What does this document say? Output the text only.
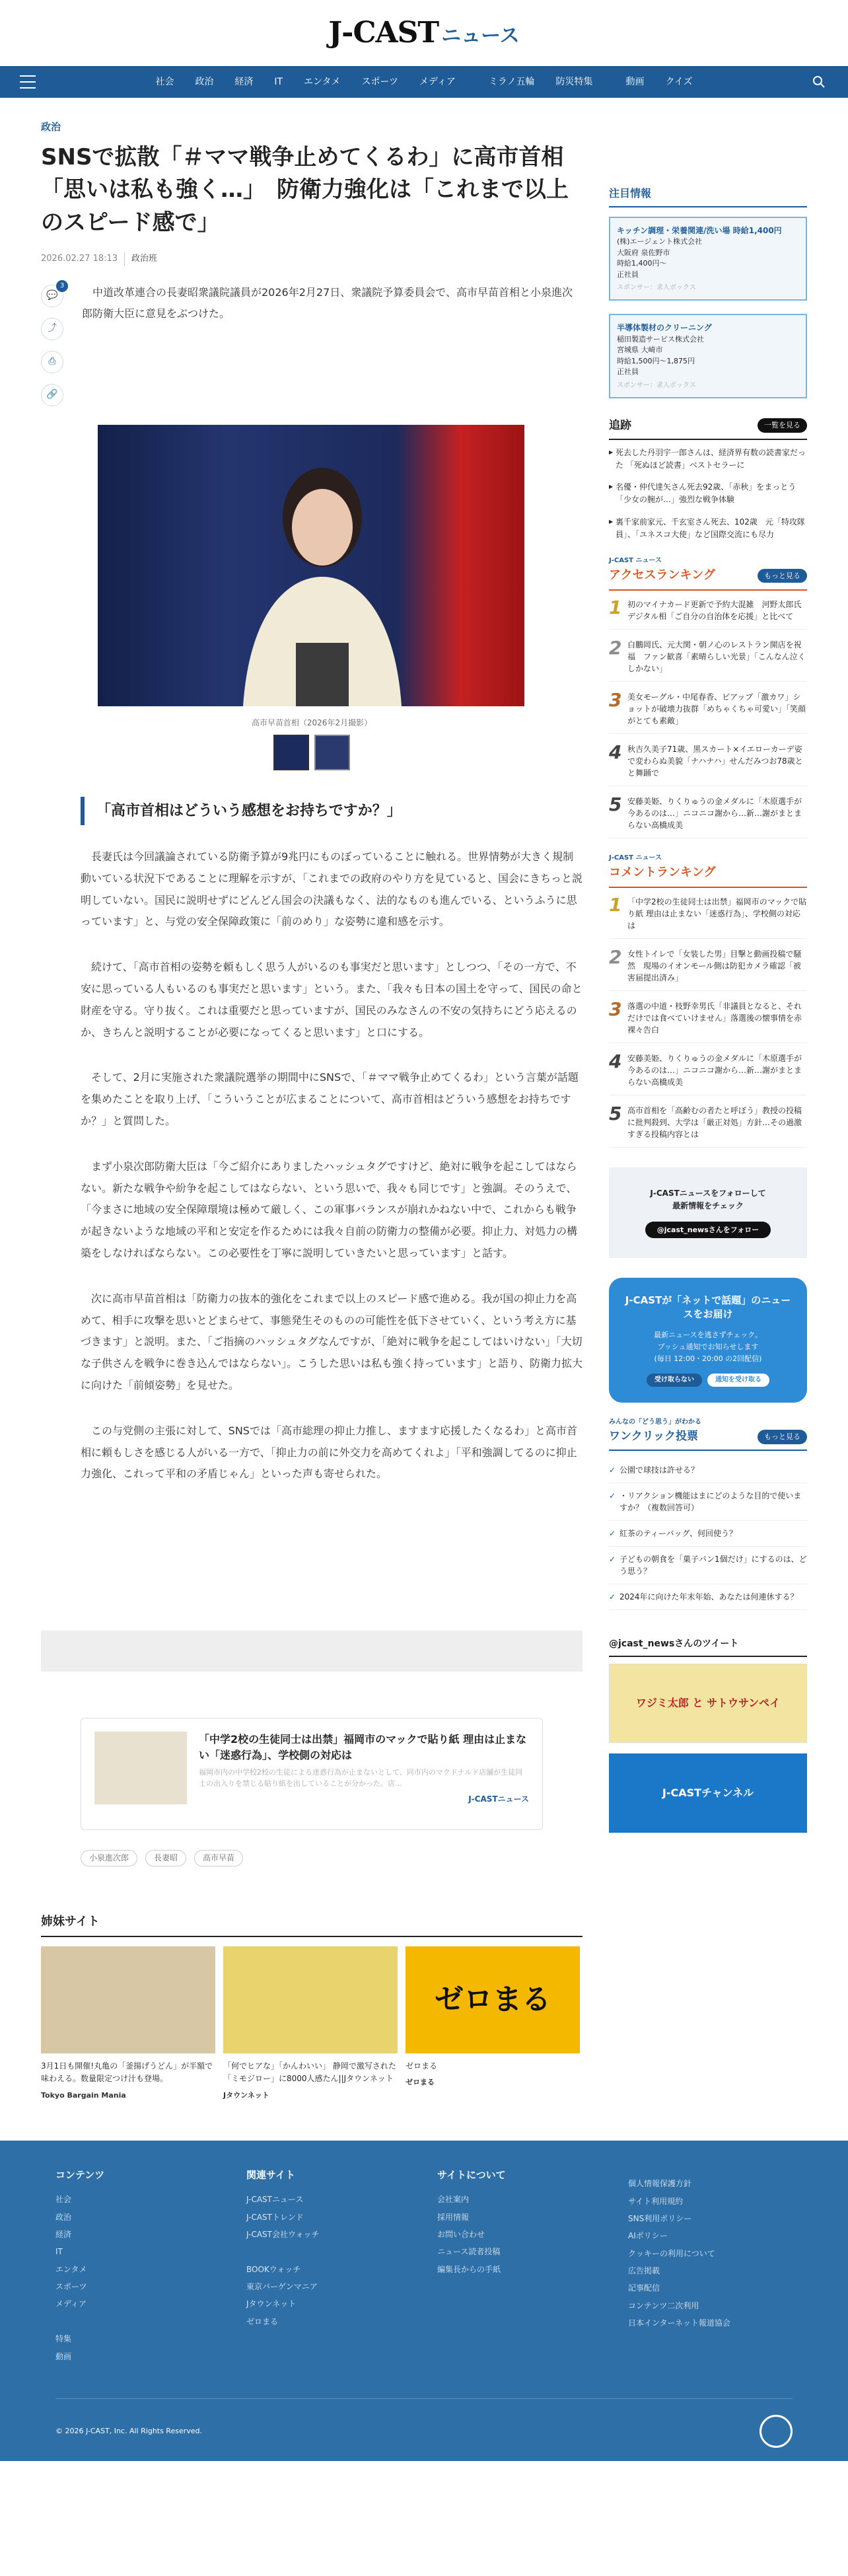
J-CAST ニュース
社会 政治 経済 IT エンタメ スポーツ メディア	ミラノ五輪 防災特集	動画 クイズ
政治
SNSで拡散「＃ママ戦争止めてくるわ」に高市首相「思いは私も強く…」　防衛力強化は「これまで以上のスピード感で」
2026.02.27 18:13	政治班
💬
3
⤴
⎙
🔗

中道改革連合の長妻昭衆議院議員が2026年2月27日、衆議院予算委員会で、高市早苗首相と小泉進次郎防衛大臣に意見をぶつけた。

高市早苗首相（2026年2月撮影）
「高市首相はどういう感想をお持ちですか？」

長妻氏は今回議論されている防衛予算が9兆円にものぼっていることに触れる。世界情勢が大きく規制動いている状況下であることに理解を示すが、「これまでの政府のやり方を見ていると、国会にきちっと説明していない。国民に説明せずにどんどん国会の決議もなく、法的なものも進んでいる、というふうに思っています」と、与党の安全保障政策に「前のめり」な姿勢に違和感を示す。

続けて、「高市首相の姿勢を頼もしく思う人がいるのも事実だと思います」としつつ、「その一方で、不安に思っている人もいるのも事実だと思います」という。また、「我々も日本の国土を守って、国民の命と財産を守る。守り抜く。これは重要だと思っていますが、国民のみなさんの不安の気持ちにどう応えるのか、きちんと説明することが必要になってくると思います」と口にする。

そして、2月に実施された衆議院選挙の期間中にSNSで、「＃ママ戦争止めてくるわ」という言葉が話題を集めたことを取り上げ、「こういうことが広まることについて、高市首相はどういう感想をお持ちですか？」と質問した。

まず小泉次郎防衛大臣は「今ご紹介にありましたハッシュタグですけど、絶対に戦争を起こしてはならない。新たな戦争や紛争を起こしてはならない、という思いで、我々も同じです」と強調。そのうえで、「今まさに地域の安全保障環境は極めて厳しく、この軍事バランスが崩れかねない中で、これからも戦争が起きないような地域の平和と安定を作るためには我々自前の防衛力の整備が必要。抑止力、対処力の構築をしなければならない。この必要性を丁寧に説明していきたいと思っています」と話す。

次に高市早苗首相は「防衛力の抜本的強化をこれまで以上のスピード感で進める。我が国の抑止力を高めて、相手に攻撃を思いとどまらせて、事態発生そのものの可能性を低下させていく、という考え方に基づきます」と説明。また、「ご指摘のハッシュタグなんですが、「絶対に戦争を起こしてはいけない」「大切な子供さんを戦争に巻き込んではならない」。こうした思いは私も強く持っています」と語り、防衛力拡大に向けた「前傾姿勢」を見せた。

この与党側の主張に対して、SNSでは「高市総理の抑止力推し、ますます応援したくなるわ」と高市首相に頼もしさを感じる人がいる一方で、「抑止力の前に外交力を高めてくれよ」「平和強調してるのに抑止力強化、これって平和の矛盾じゃん」といった声も寄せられた。

「中学2校の生徒同士は出禁」福岡市のマックで貼り紙 理由は止まない「迷惑行為」、学校側の対応は
福岡市内の中学校2校の生徒による迷惑行為が止まないとして、同市内のマクドナルド店舗が生徒同士の出入りを禁じる貼り紙を出していることが分かった。店...
J-CASTニュース
小泉進次郎	長妻昭	高市早苗
姉妹サイト

3月1日も開催!丸亀の「釜揚げうどん」が半額で味わえる。数量限定つけ汁も登場。

Tokyo Bargain Mania

「何でヒアな」「かんわいい」 静岡で激写された「ミモジロー」に8000人感たん||Jタウンネット

Jタウンネット
ゼロまる

ゼロまる

ゼロまる
注目情報
キッチン調理・栄養関連/洗い場 時給1,400円
(株)エージェント株式会社
大阪府 泉佐野市
時給1,400円～
正社員
スポンサー：求人ボックス
半導体製材のクリーニング
稲田製造サービス株式会社
宮城県 大崎市
時給1,500円～1,875円
正社員
スポンサー：求人ボックス
追跡	一覧を見る
▶ 死去した丹羽宇一郎さんは、経済界有数の読書家だった 「死ぬほど読書」ベストセラーに
▶ 名優・仲代達矢さん死去92歳、「赤秋」をまっとう 「少女の腕が…」強烈な戦争体験
▶ 裏千家前家元、千玄室さん死去、102歳　元「特攻隊員」、「ユネスコ大使」など国際交流にも尽力
J-CAST ニュース
アクセスランキング	もっと見る
1 初のマイナカード更新で予約大混雑　河野太郎氏デジタル相「ご自分の自治体を応援」と比べて
2 白鵬岡氏、元大関・朝ノ心のレストラン開店を祝福　ファン歓喜「素晴らしい光景」「こんなん泣くしかない」
3 美女モーグル・中尾春香、ピアップ「激カワ」ショットが破壊力抜群「めちゃくちゃ可愛い」「笑顔がとても素敵」
4 秋吉久美子71歳、黒スカート×イエローカーデ姿で変わらぬ美貌「ナハナハ」せんだみつお78歳とと舞踊で
5 安藤美姫、りくりゅうの金メダルに「木原選手が今あるのは…」ニコニコ謝から…新…謝がまとまらない高橋成美
J-CAST ニュース
コメントランキング
1 「中学2校の生徒同士は出禁」福岡市のマックで貼り紙 理由は止まない「迷惑行為」、学校側の対応は
2 女性トイレで「女装した男」目撃と動画投稿で騒然　現場のイオンモール側は防犯カメラ確認「被害届提出済み」
3 落選の中道・枝野幸男氏「非議員となると、それだけでは食べていけません」落選後の懐事情を赤裸々告白
4 安藤美姫、りくりゅうの金メダルに「木原選手が今あるのは…」ニコニコ謝から…新…謝がまとまらない高橋成美
5 高市首相を「高齢むの者たと呼ぼう」教授の投稿に批判殺到、大学は「厳正対処」方針…その過激すぎる投稿内容とは
J-CASTニュースをフォローして
最新情報をチェック
@jcast_newsさんをフォロー
J-CASTが「ネットで話題」のニュースをお届け
最新ニュースを逃さずチェック。
プッシュ通知でお知らせします
(毎日 12:00・20:00 の2回配信)
受け取らない	通知を受け取る
みんなの「どう思う」がわかる
ワンクリック投票	もっと見る
✓ 公園で球技は許せる？
✓ ・リアクション機能はまにどのような目的で使いますか？（複数回答可）
✓ 紅茶のティーバッグ、何回使う？
✓ 子どもの朝食を「菓子パン1個だけ」にするのは、どう思う？
✓ 2024年に向けた年末年始、あなたは何連休する？
@jcast_newsさんのツイート
ワジミ太郎 と サトウサンペイ
J-CASTチャンネル
コンテンツ
社会
政治
経済
IT
エンタメ
スポーツ
メディア

特集
動画
関連サイト
J-CASTニュース
J-CASTトレンド
J-CAST会社ウォッチ

BOOKウォッチ
東京バーゲンマニア
Jタウンネット
ゼロまる
サイトについて
会社案内
採用情報
お問い合わせ
ニュース読者投稿
編集長からの手紙
個人情報保護方針
サイト利用規約
SNS利用ポリシー
AIポリシー
クッキーの利用について
広告掲載
記事配信
コンテンツ二次利用
日本インターネット報道協会
© 2026 J-CAST, Inc. All Rights Reserved.
